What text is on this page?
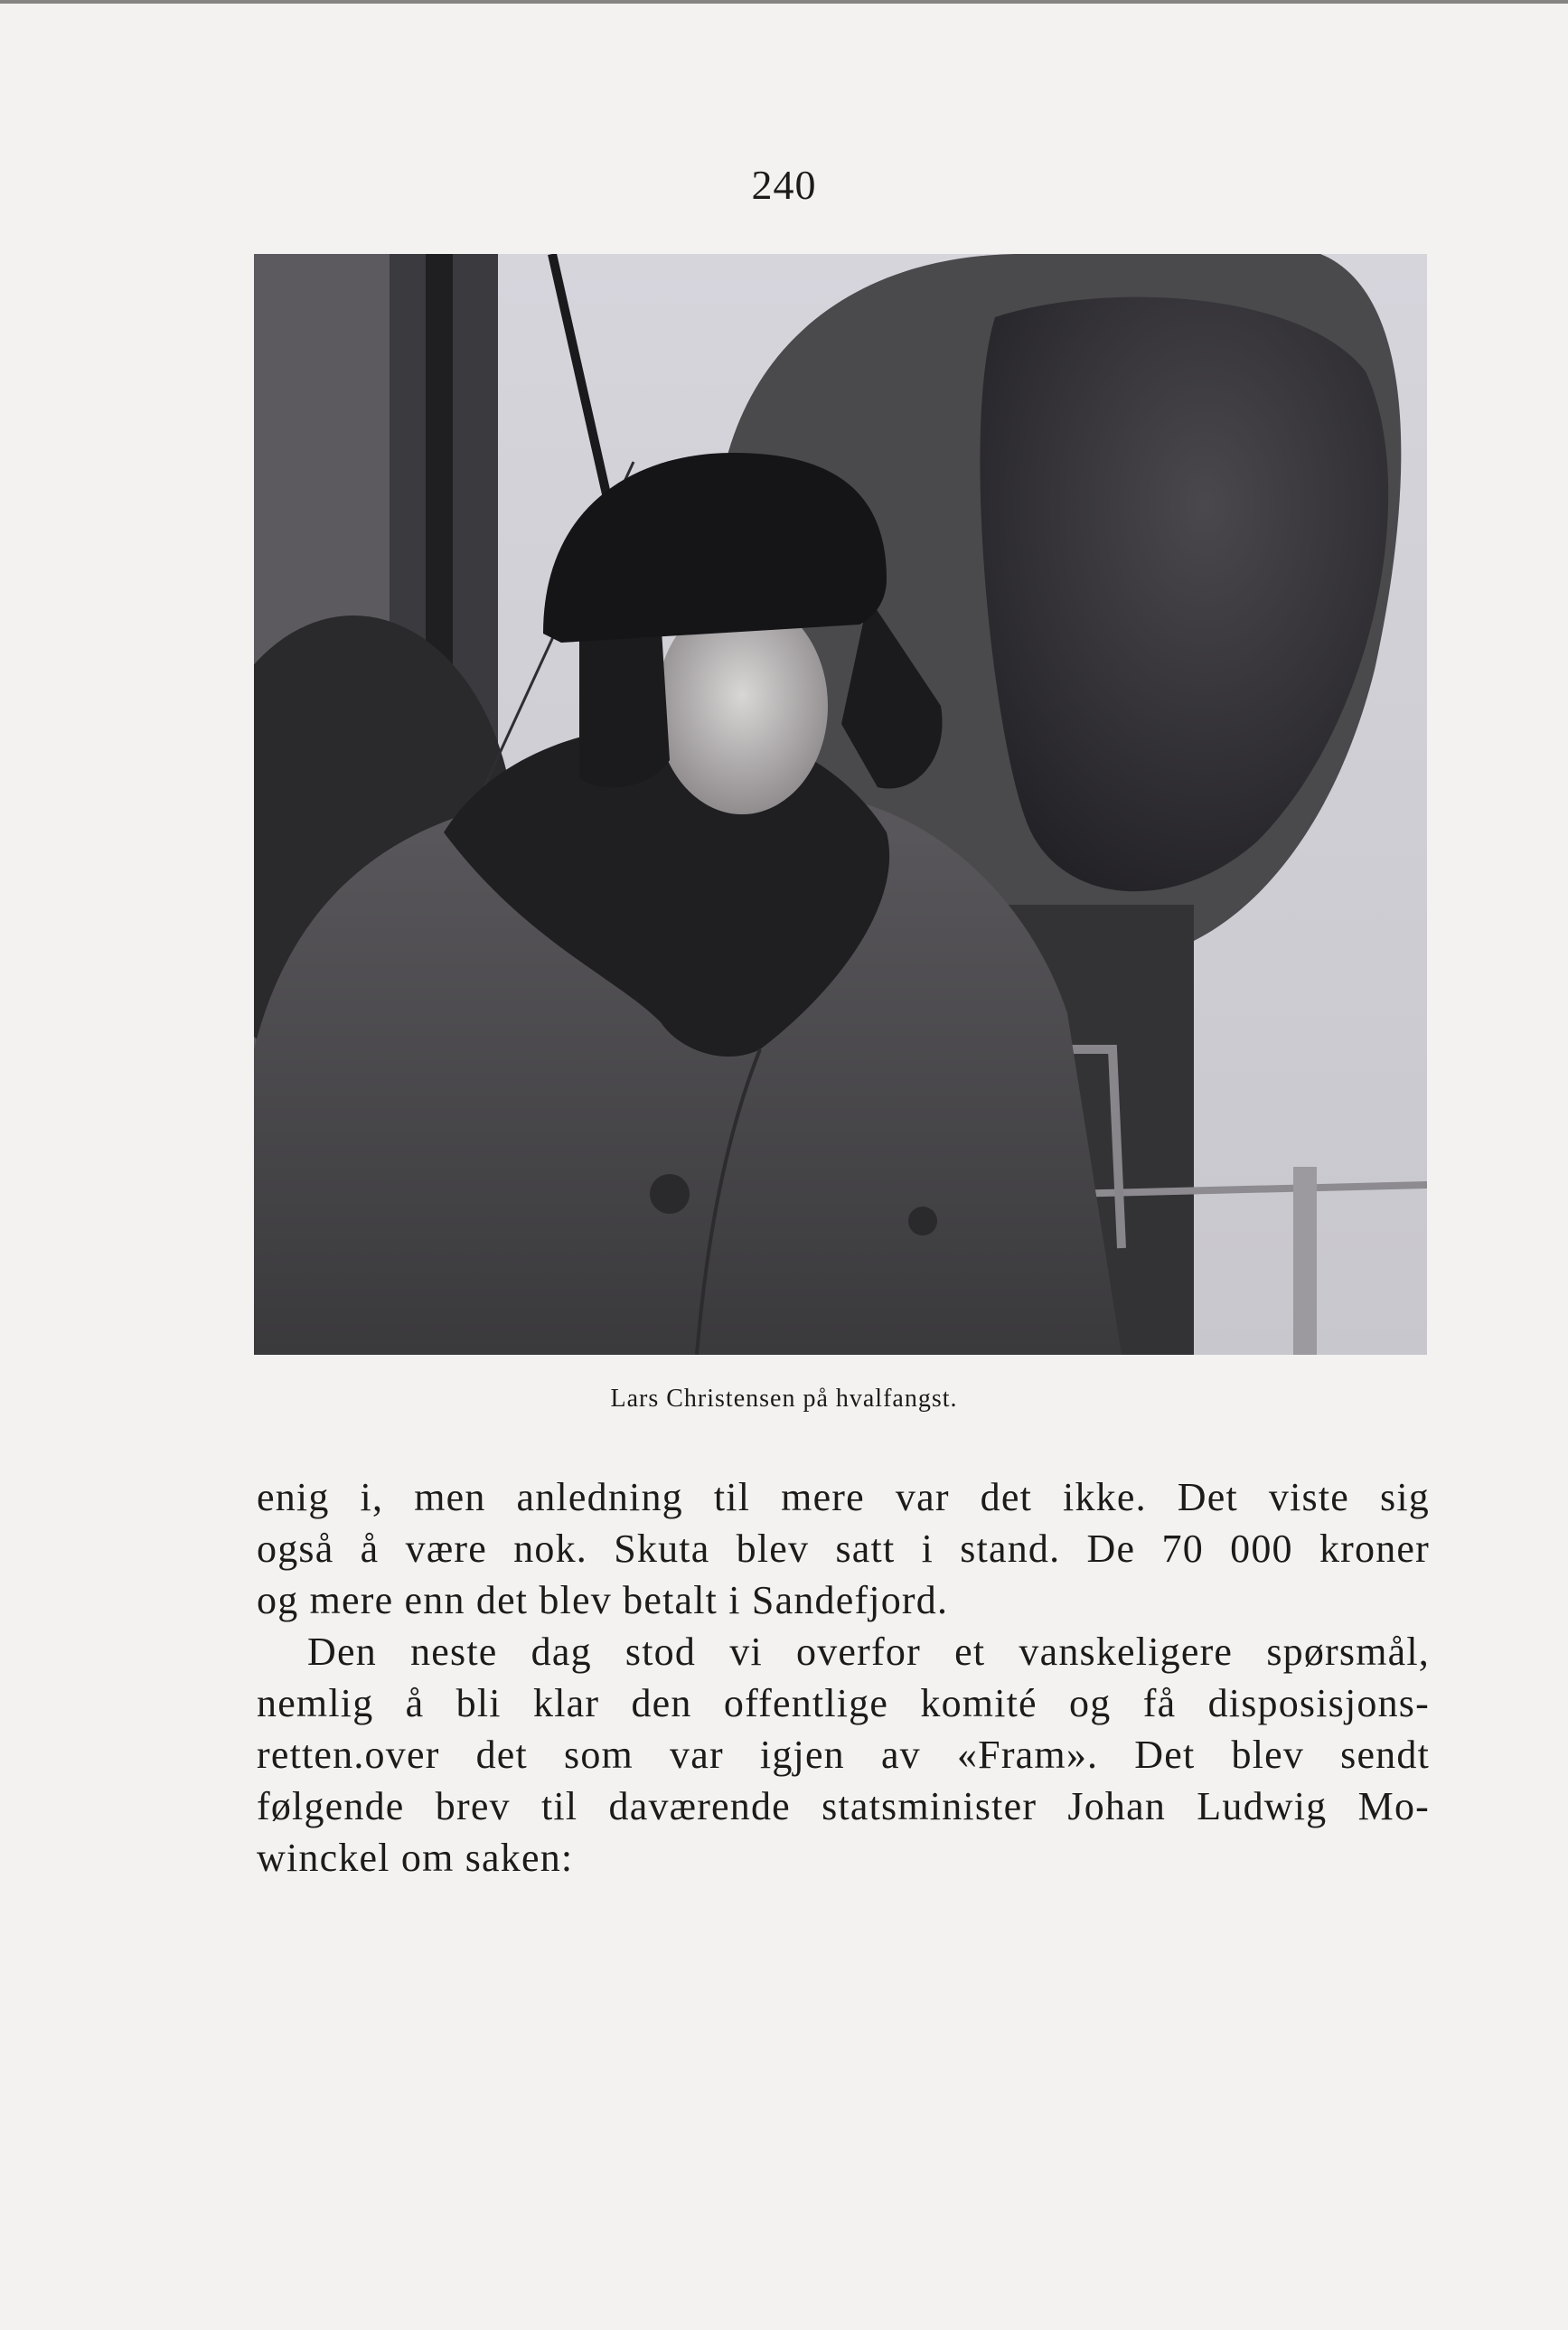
240
Lars Christensen på hvalfangst.

enig i, men anledning til mere var det ikke. Det viste sig
også å være nok. Skuta blev satt i stand. De 70 000 kroner
og mere enn det blev betalt i Sandefjord.

Den neste dag stod vi overfor et vanskeligere spørsmål,
nemlig å bli klar den offentlige komité og få disposisjons-
retten.over det som var igjen av «Fram». Det blev sendt
følgende brev til daværende statsminister Johan Ludwig Mo-
winckel om saken:
